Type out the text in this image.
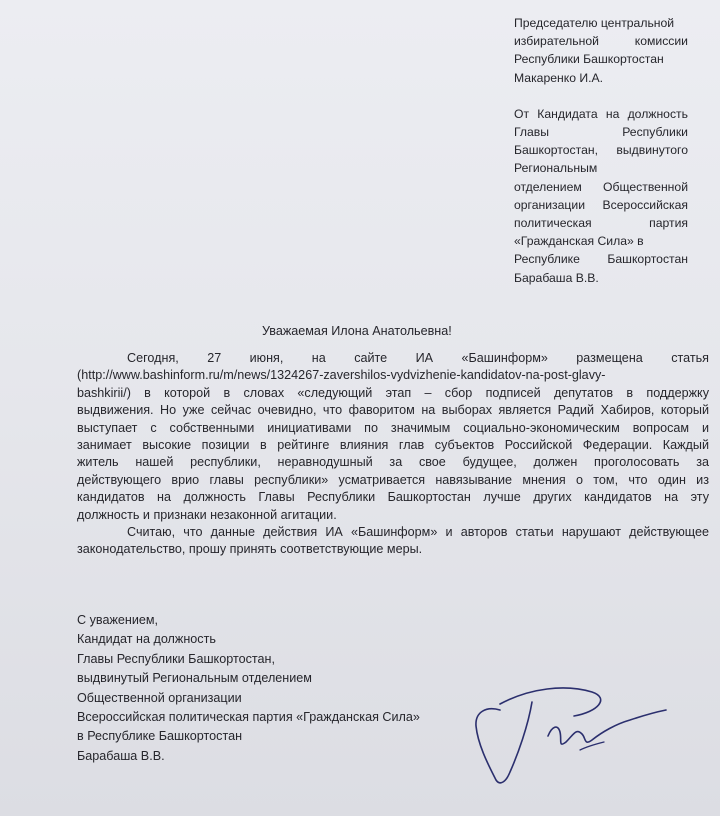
Председателю центральной
избирательной комиссии
Республики Башкортостан
Макаренко И.А.
От Кандидата на должность
Главы Республики
Башкортостан, выдвинутого
Региональным
отделением Общественной
организации Всероссийская
политическая партия
«Гражданская Сила» в
Республике Башкортостан
Барабаша В.В.
Уважаемая Илона Анатольевна!
Сегодня, 27 июня, на сайте ИА «Башинформ» размещена статья
(http://www.bashinform.ru/m/news/1324267-zavershilos-vydvizhenie-kandidatov-na-post-glavy-
bashkirii/) в которой в словах «следующий этап – сбор подписей депутатов в поддержку
выдвижения. Но уже сейчас очевидно, что фаворитом на выборах является Радий Хабиров, который
выступает с собственными инициативами по значимым социально-экономическим вопросам и
занимает высокие позиции в рейтинге влияния глав субъектов Российской Федерации. Каждый
житель нашей республики, неравнодушный за свое будущее, должен проголосовать за
действующего врио главы республики» усматривается навязывание мнения о том, что один из
кандидатов на должность Главы Республики Башкортостан лучше других кандидатов на эту
должность и признаки незаконной агитации.
Считаю, что данные действия ИА «Башинформ» и авторов статьи нарушают действующее
законодательство, прошу принять соответствующие меры.
С уважением,
Кандидат на должность
Главы Республики Башкортостан,
выдвинутый Региональным отделением
Общественной организации
Всероссийская политическая партия «Гражданская Сила»
в Республике Башкортостан
Барабаша В.В.
